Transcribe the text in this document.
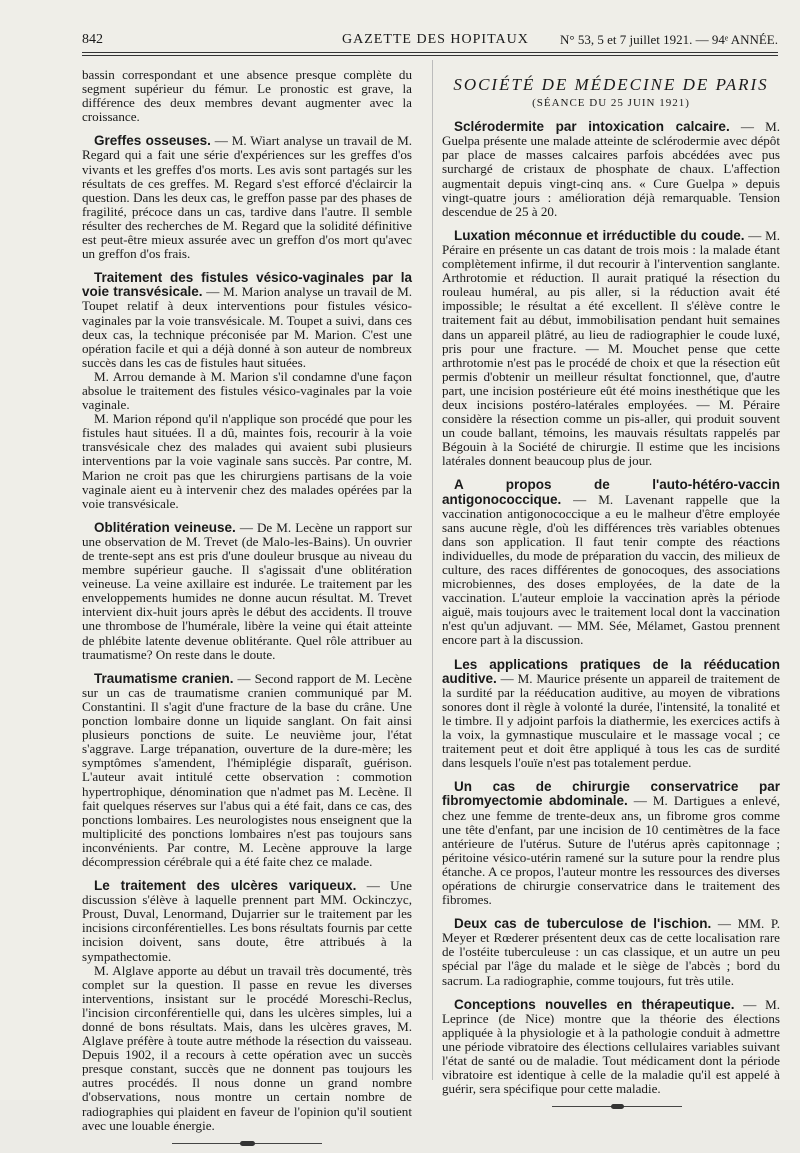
842	GAZETTE DES HOPITAUX N° 53, 5 et 7 juillet 1921. — 94ᵉ ANNÉE.

bassin correspondant et une absence presque complète du segment supérieur du fémur. Le pronostic est grave, la différence des deux membres devant augmenter avec la croissance.

Greffes osseuses. — M. Wiart analyse un travail de M. Regard qui a fait une série d'expériences sur les greffes d'os vivants et les greffes d'os morts. Les avis sont partagés sur les résultats de ces greffes. M. Regard s'est efforcé d'éclaircir la question. Dans les deux cas, le greffon passe par des phases de fragilité, précoce dans un cas, tardive dans l'autre. Il semble résulter des recherches de M. Regard que la solidité définitive est peut-être mieux assurée avec un greffon d'os mort qu'avec un greffon d'os frais.

Traitement des fistules vésico-vaginales par la voie transvésicale. — M. Marion analyse un travail de M. Toupet relatif à deux interventions pour fistules vésico-vaginales par la voie transvésicale. M. Toupet a suivi, dans ces deux cas, la technique préconisée par M. Marion. C'est une opération facile et qui a déjà donné à son auteur de nombreux succès dans les cas de fistules haut situées.

M. Arrou demande à M. Marion s'il condamne d'une façon absolue le traitement des fistules vésico-vaginales par la voie vaginale.

M. Marion répond qu'il n'applique son procédé que pour les fistules haut situées. Il a dû, maintes fois, recourir à la voie transvésicale chez des malades qui avaient subi plusieurs interventions par la voie vaginale sans succès. Par contre, M. Marion ne croit pas que les chirurgiens partisans de la voie vaginale aient eu à intervenir chez des malades opérées par la voie transvésicale.

Oblitération veineuse. — De M. Lecène un rapport sur une observation de M. Trevet (de Malo-les-Bains). Un ouvrier de trente-sept ans est pris d'une douleur brusque au niveau du membre supérieur gauche. Il s'agissait d'une oblitération veineuse. La veine axillaire est indurée. Le traitement par les enveloppements humides ne donne aucun résultat. M. Trevet intervient dix-huit jours après le début des accidents. Il trouve une thrombose de l'humérale, libère la veine qui était atteinte de phlébite latente devenue oblitérante. Quel rôle attribuer au traumatisme? On reste dans le doute.

Traumatisme cranien. — Second rapport de M. Lecène sur un cas de traumatisme cranien communiqué par M. Constantini. Il s'agit d'une fracture de la base du crâne. Une ponction lombaire donne un liquide sanglant. On fait ainsi plusieurs ponctions de suite. Le neuvième jour, l'état s'aggrave. Large trépanation, ouverture de la dure-mère; les symptômes s'amendent, l'hémiplégie disparaît, guérison. L'auteur avait intitulé cette observation : commotion hypertrophique, dénomination que n'admet pas M. Lecène. Il fait quelques réserves sur l'abus qui a été fait, dans ce cas, des ponctions lombaires. Les neurologistes nous enseignent que la multiplicité des ponctions lombaires n'est pas toujours sans inconvénients. Par contre, M. Lecène approuve la large décompression cérébrale qui a été faite chez ce malade.

Le traitement des ulcères variqueux. — Une discussion s'élève à laquelle prennent part MM. Ockinczyc, Proust, Duval, Lenormand, Dujarrier sur le traitement par les incisions circonférentielles. Les bons résultats fournis par cette incision doivent, sans doute, être attribués à la sympathectomie.

M. Alglave apporte au début un travail très documenté, très complet sur la question. Il passe en revue les diverses interventions, insistant sur le procédé Moreschi-Reclus, l'incision circonférentielle qui, dans les ulcères simples, lui a donné de bons résultats. Mais, dans les ulcères graves, M. Alglave préfère à toute autre méthode la résection du vaisseau. Depuis 1902, il a recours à cette opération avec un succès presque constant, succès que ne donnent pas toujours les autres procédés. Il nous donne un grand nombre d'observations, nous montre un certain nombre de radiographies qui plaident en faveur de l'opinion qu'il soutient avec une louable énergie.

SOCIÉTÉ DE MÉDECINE DE PARIS
(SÉANCE DU 25 JUIN 1921)

Sclérodermite par intoxication calcaire. — M. Guelpa présente une malade atteinte de sclérodermie avec dépôt par place de masses calcaires parfois abcédées avec pus surchargé de cristaux de phosphate de chaux. L'affection augmentait depuis vingt-cinq ans. « Cure Guelpa » depuis vingt-quatre jours : amélioration déjà remarquable. Tension descendue de 25 à 20.

Luxation méconnue et irréductible du coude. — M. Péraire en présente un cas datant de trois mois : la malade étant complètement infirme, il dut recourir à l'intervention sanglante. Arthrotomie et réduction. Il aurait pratiqué la résection du rouleau huméral, au pis aller, si la réduction avait été impossible; le résultat a été excellent. Il s'élève contre le traitement fait au début, immobilisation pendant huit semaines dans un appareil plâtré, au lieu de radiographier le coude luxé, pris pour une fracture. — M. Mouchet pense que cette arthrotomie n'est pas le procédé de choix et que la résection eût permis d'obtenir un meilleur résultat fonctionnel, que, d'autre part, une incision postérieure eût été moins inesthétique que les deux incisions postéro-latérales employées. — M. Péraire considère la résection comme un pis-aller, qui produit souvent un coude ballant, témoins, les mauvais résultats rappelés par Bégouin à la Société de chirurgie. Il estime que les incisions latérales donnent beaucoup plus de jour.

A propos de l'auto-hétéro-vaccin antigonococcique. — M. Lavenant rappelle que la vaccination antigonococcique a eu le malheur d'être employée sans aucune règle, d'où les différences très variables obtenues dans son application. Il faut tenir compte des réactions individuelles, du mode de préparation du vaccin, des milieux de culture, des races différentes de gonocoques, des associations microbiennes, des doses employées, de la date de la vaccination. L'auteur emploie la vaccination après la période aiguë, mais toujours avec le traitement local dont la vaccination n'est qu'un adjuvant. — MM. Sée, Mélamet, Gastou prennent encore part à la discussion.

Les applications pratiques de la rééducation auditive. — M. Maurice présente un appareil de traitement de la surdité par la rééducation auditive, au moyen de vibrations sonores dont il règle à volonté la durée, l'intensité, la tonalité et le timbre. Il y adjoint parfois la diathermie, les exercices actifs à la voix, la gymnastique musculaire et le massage vocal ; ce traitement peut et doit être appliqué à tous les cas de surdité dans lesquels l'ouïe n'est pas totalement perdue.

Un cas de chirurgie conservatrice par fibromyectomie abdominale. — M. Dartigues a enlevé, chez une femme de trente-deux ans, un fibrome gros comme une tête d'enfant, par une incision de 10 centimètres de la face antérieure de l'utérus. Suture de l'utérus après capitonnage ; péritoine vésico-utérin ramené sur la suture pour la rendre plus étanche. A ce propos, l'auteur montre les ressources des diverses opérations de chirurgie conservatrice dans le traitement des fibromes.

Deux cas de tuberculose de l'ischion. — MM. P. Meyer et Rœderer présentent deux cas de cette localisation rare de l'ostéite tuberculeuse : un cas classique, et un autre un peu spécial par l'âge du malade et le siège de l'abcès ; bord du sacrum. La radiographie, comme toujours, fut très utile.

Conceptions nouvelles en thérapeutique. — M. Leprince (de Nice) montre que la théorie des élections appliquée à la physiologie et à la pathologie conduit à admettre une période vibratoire des élections cellulaires variables suivant l'état de santé ou de maladie. Tout médicament dont la période vibratoire est identique à celle de la maladie qu'il est appelé à guérir, sera spécifique pour cette maladie.
